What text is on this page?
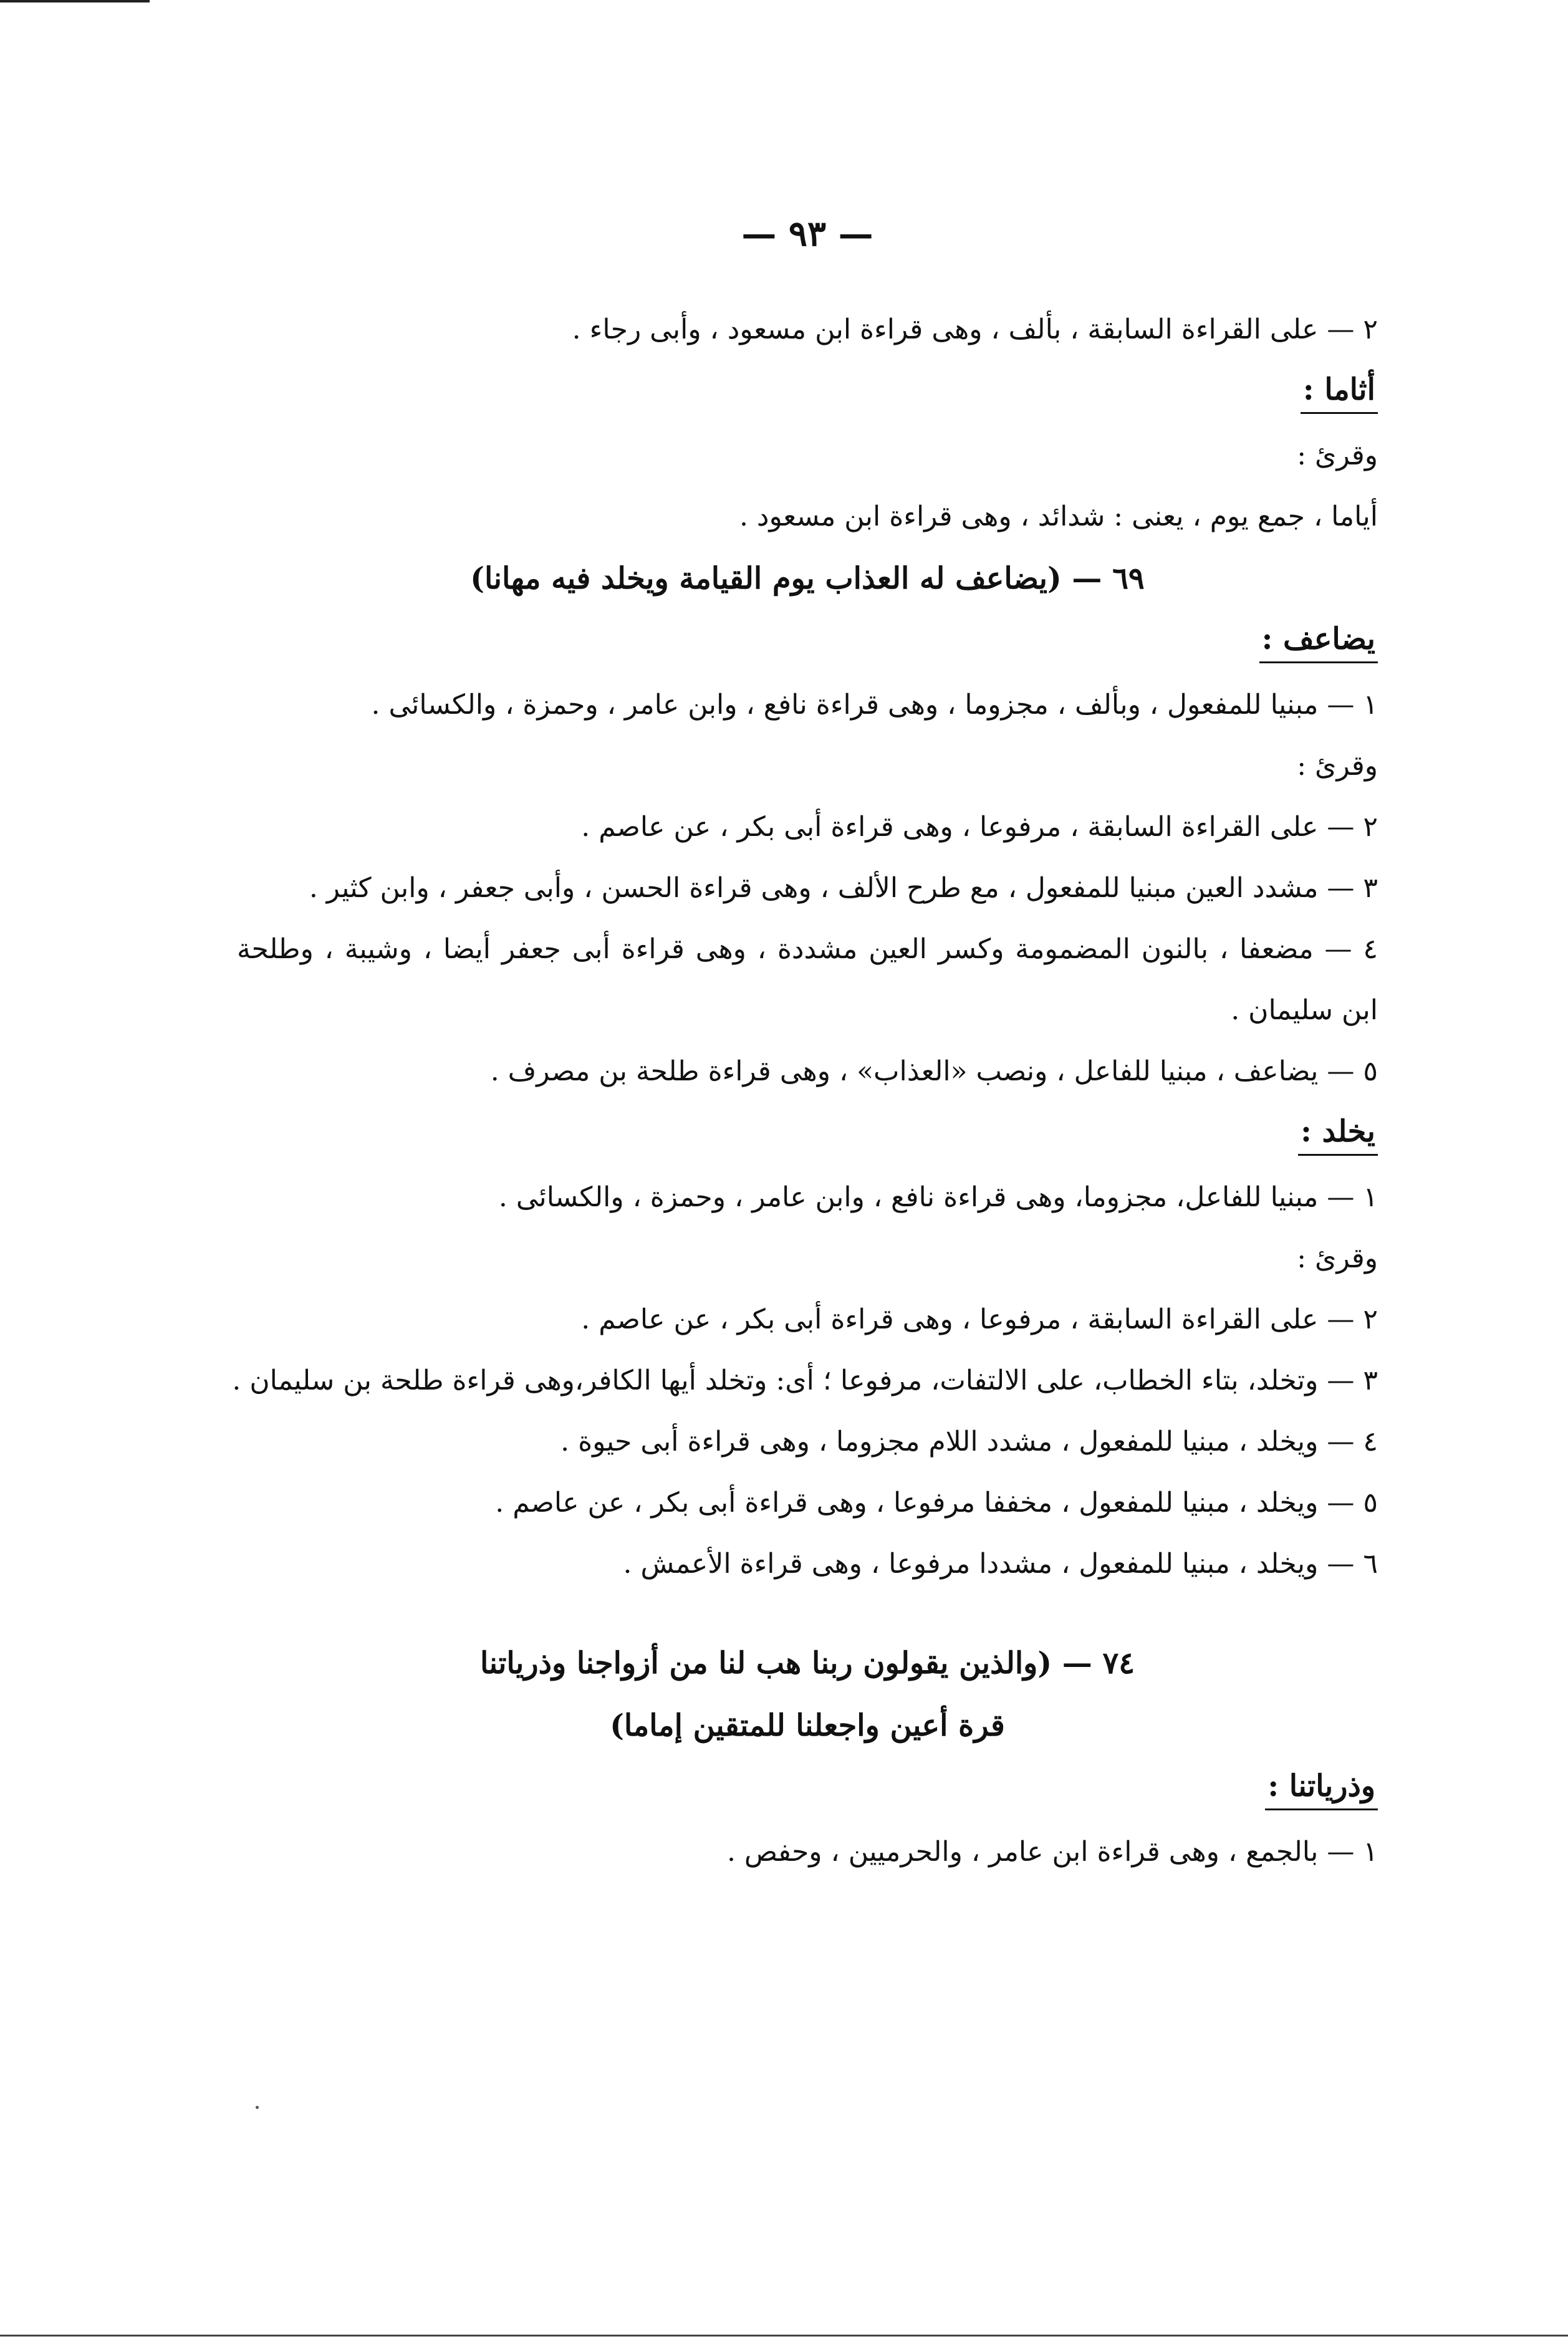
— ٩٣ —
٢ — على القراءة السابقة ، بألف ، وهى قراءة ابن مسعود ، وأبى رجاء .
أثاما :
وقرئ :
أياما ، جمع يوم ، يعنى : شدائد ، وهى قراءة ابن مسعود .
٦٩ — (يضاعف له العذاب يوم القيامة ويخلد فيه مهانا)
يضاعف :
١ — مبنيا للمفعول ، وبألف ، مجزوما ، وهى قراءة نافع ، وابن عامر ، وحمزة ، والكسائى .
وقرئ :
٢ — على القراءة السابقة ، مرفوعا ، وهى قراءة أبى بكر ، عن عاصم .
٣ — مشدد العين مبنيا للمفعول ، مع طرح الألف ، وهى قراءة الحسن ، وأبى جعفر ، وابن كثير .
٤ — مضعفا ، بالنون المضمومة وكسر العين مشددة ، وهى قراءة أبى جعفر أيضا ، وشيبة ، وطلحة ابن سليمان .
٥ — يضاعف ، مبنيا للفاعل ، ونصب «العذاب» ، وهى قراءة طلحة بن مصرف .
يخلد :
١ — مبنيا للفاعل، مجزوما، وهى قراءة نافع ، وابن عامر ، وحمزة ، والكسائى .
وقرئ :
٢ — على القراءة السابقة ، مرفوعا ، وهى قراءة أبى بكر ، عن عاصم .
٣ — وتخلد، بتاء الخطاب، على الالتفات، مرفوعا ؛ أى: وتخلد أيها الكافر،وهى قراءة طلحة بن سليمان .
٤ — ويخلد ، مبنيا للمفعول ، مشدد اللام مجزوما ، وهى قراءة أبى حيوة .
٥ — ويخلد ، مبنيا للمفعول ، مخففا مرفوعا ، وهى قراءة أبى بكر ، عن عاصم .
٦ — ويخلد ، مبنيا للمفعول ، مشددا مرفوعا ، وهى قراءة الأعمش .
٧٤ — (والذين يقولون ربنا هب لنا من أزواجنا وذرياتنا
قرة أعين واجعلنا للمتقين إماما)
وذرياتنا :
١ — بالجمع ، وهى قراءة ابن عامر ، والحرميين ، وحفص .
